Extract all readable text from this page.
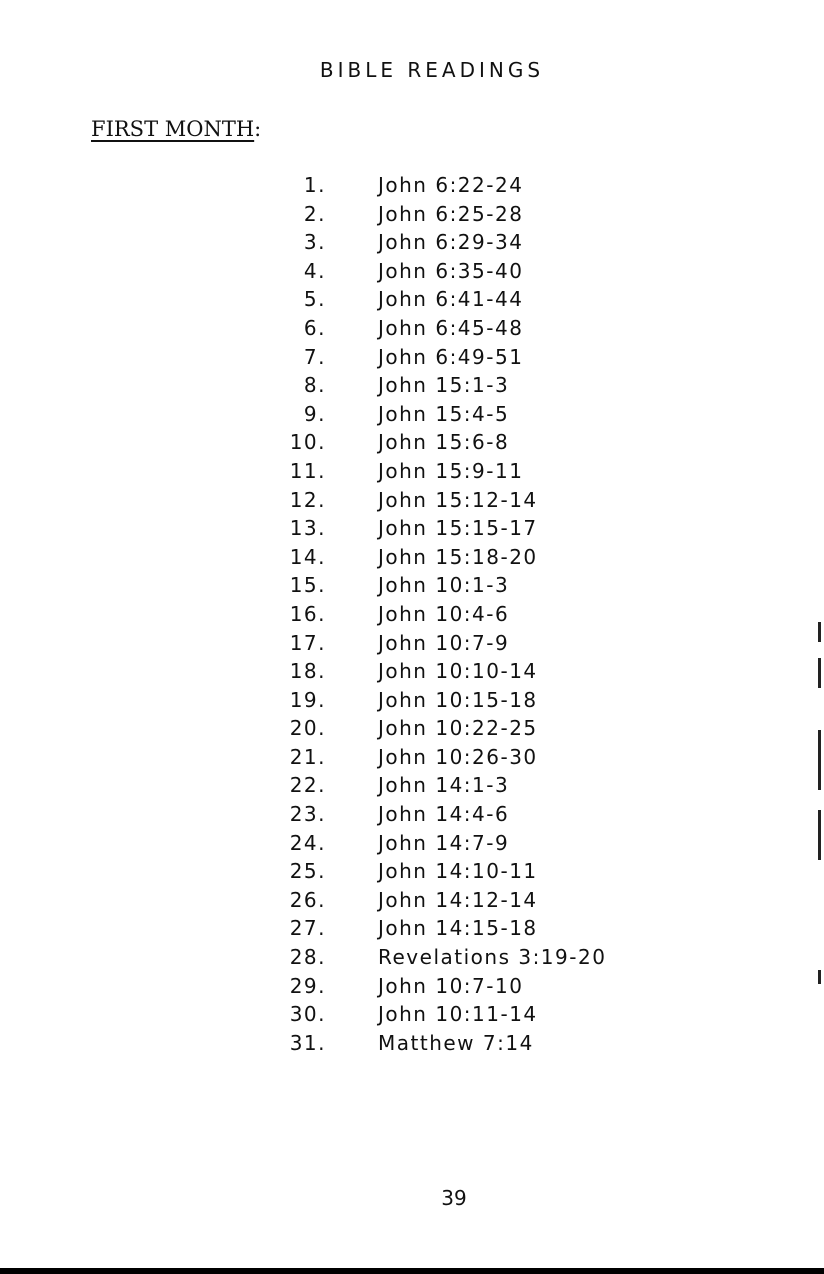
BIBLE READINGS
FIRST MONTH:
1.	John 6:22-24
2.	John 6:25-28
3.	John 6:29-34
4.	John 6:35-40
5.	John 6:41-44
6.	John 6:45-48
7.	John 6:49-51
8.	John 15:1-3
9.	John 15:4-5
10.	John 15:6-8
11.	John 15:9-11
12.	John 15:12-14
13.	John 15:15-17
14.	John 15:18-20
15.	John 10:1-3
16.	John 10:4-6
17.	John 10:7-9
18.	John 10:10-14
19.	John 10:15-18
20.	John 10:22-25
21.	John 10:26-30
22.	John 14:1-3
23.	John 14:4-6
24.	John 14:7-9
25.	John 14:10-11
26.	John 14:12-14
27.	John 14:15-18
28.	Revelations 3:19-20
29.	John 10:7-10
30.	John 10:11-14
31.	Matthew 7:14
39
